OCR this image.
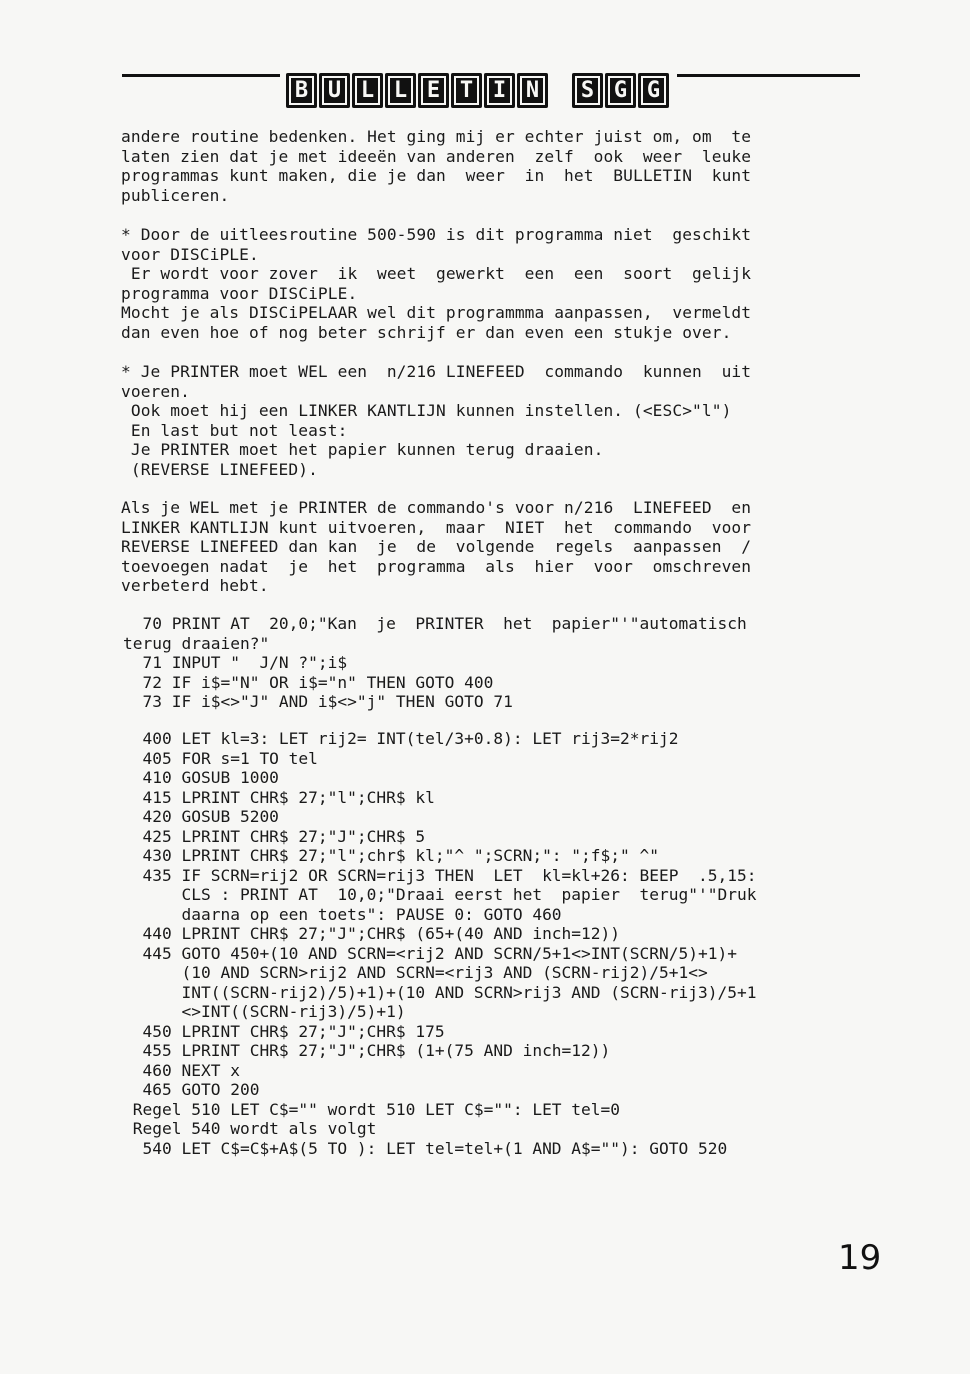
B U L L E T I N	S G G
andere routine bedenken. Het ging mij er echter juist om, om  te
laten zien dat je met ideeën van anderen  zelf  ook  weer  leuke
programmas kunt maken, die je dan  weer  in  het  BULLETIN  kunt
publiceren.
* Door de uitleesroutine 500-590 is dit programma niet  geschikt
voor DISCiPLE.
Er wordt voor zover  ik  weet  gewerkt  een  een  soort  gelijk
programma voor DISCiPLE.
Mocht je als DISCiPELAAR wel dit programmma aanpassen,  vermeldt
dan even hoe of nog beter schrijf er dan even een stukje over.
* Je PRINTER moet WEL een  n/216 LINEFEED  commando  kunnen  uit
voeren.
Ook moet hij een LINKER KANTLIJN kunnen instellen. (<ESC>"l")
En last but not least:
Je PRINTER moet het papier kunnen terug draaien.
(REVERSE LINEFEED).
Als je WEL met je PRINTER de commando's voor n/216  LINEFEED  en
LINKER KANTLIJN kunt uitvoeren,  maar  NIET  het  commando  voor
REVERSE LINEFEED dan kan  je  de  volgende  regels  aanpassen  /
toevoegen nadat  je  het  programma  als  hier  voor  omschreven
verbeterd hebt.
70 PRINT AT  20,0;"Kan  je  PRINTER  het  papier"'"automatisch
terug draaien?"
71 INPUT "  J/N ?";i$
72 IF i$="N" OR i$="n" THEN GOTO 400
73 IF i$<>"J" AND i$<>"j" THEN GOTO 71
400 LET kl=3: LET rij2= INT(tel/3+0.8): LET rij3=2*rij2
405 FOR s=1 TO tel
410 GOSUB 1000
415 LPRINT CHR$ 27;"l";CHR$ kl
420 GOSUB 5200
425 LPRINT CHR$ 27;"J";CHR$ 5
430 LPRINT CHR$ 27;"l";chr$ kl;"^ ";SCRN;": ";f$;" ^"
435 IF SCRN=rij2 OR SCRN=rij3 THEN  LET  kl=kl+26: BEEP  .5,15:
CLS : PRINT AT  10,0;"Draai eerst het  papier  terug"'"Druk
daarna op een toets": PAUSE 0: GOTO 460
440 LPRINT CHR$ 27;"J";CHR$ (65+(40 AND inch=12))
445 GOTO 450+(10 AND SCRN=<rij2 AND SCRN/5+1<>INT(SCRN/5)+1)+
(10 AND SCRN>rij2 AND SCRN=<rij3 AND (SCRN-rij2)/5+1<>
INT((SCRN-rij2)/5)+1)+(10 AND SCRN>rij3 AND (SCRN-rij3)/5+1
<>INT((SCRN-rij3)/5)+1)
450 LPRINT CHR$ 27;"J";CHR$ 175
455 LPRINT CHR$ 27;"J";CHR$ (1+(75 AND inch=12))
460 NEXT x
465 GOTO 200
Regel 510 LET C$="" wordt 510 LET C$="": LET tel=0
Regel 540 wordt als volgt
540 LET C$=C$+A$(5 TO ): LET tel=tel+(1 AND A$=""): GOTO 520
19
